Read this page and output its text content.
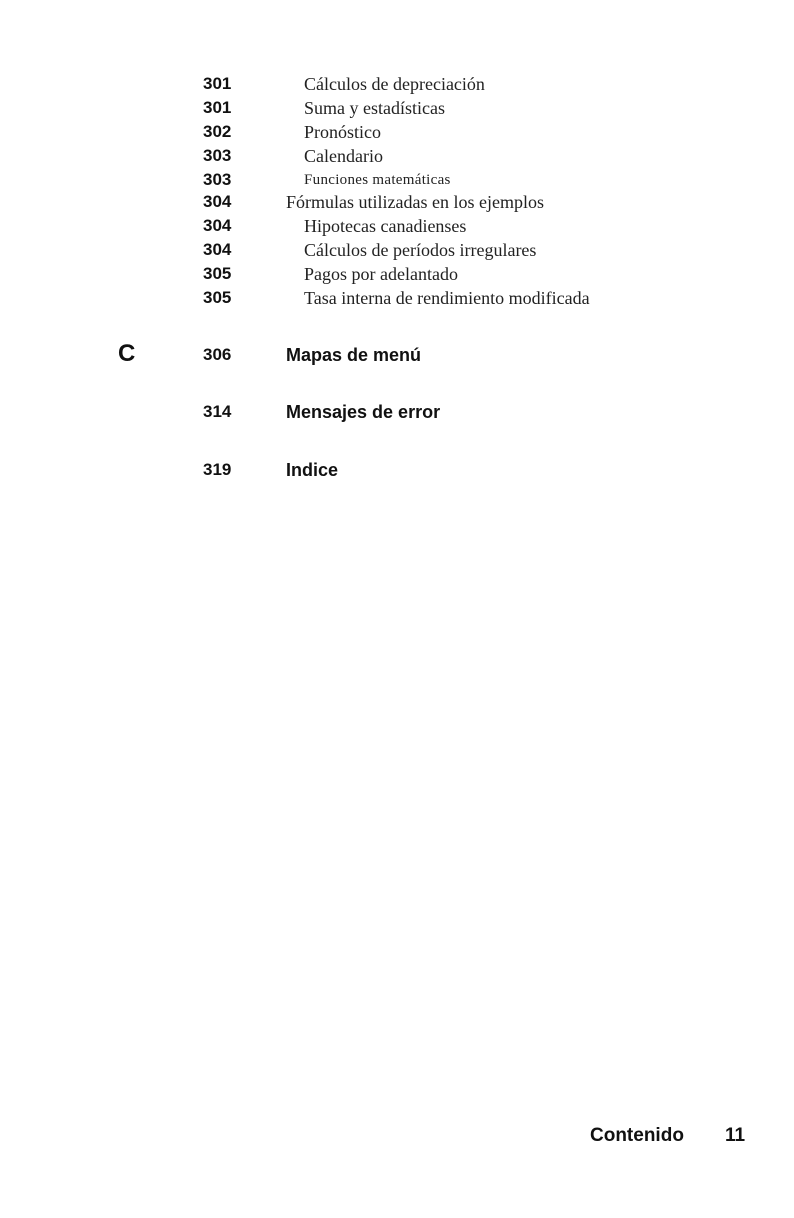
301	Cálculos de depreciación
301	Suma y estadísticas
302	Pronóstico
303	Calendario
303	Funciones matemáticas
304	Fórmulas utilizadas en los ejemplos
304	Hipotecas canadienses
304	Cálculos de períodos irregulares
305	Pagos por adelantado
305	Tasa interna de rendimiento modificada
C	306	Mapas de menú
314	Mensajes de error
319	Indice
Contenido 11
